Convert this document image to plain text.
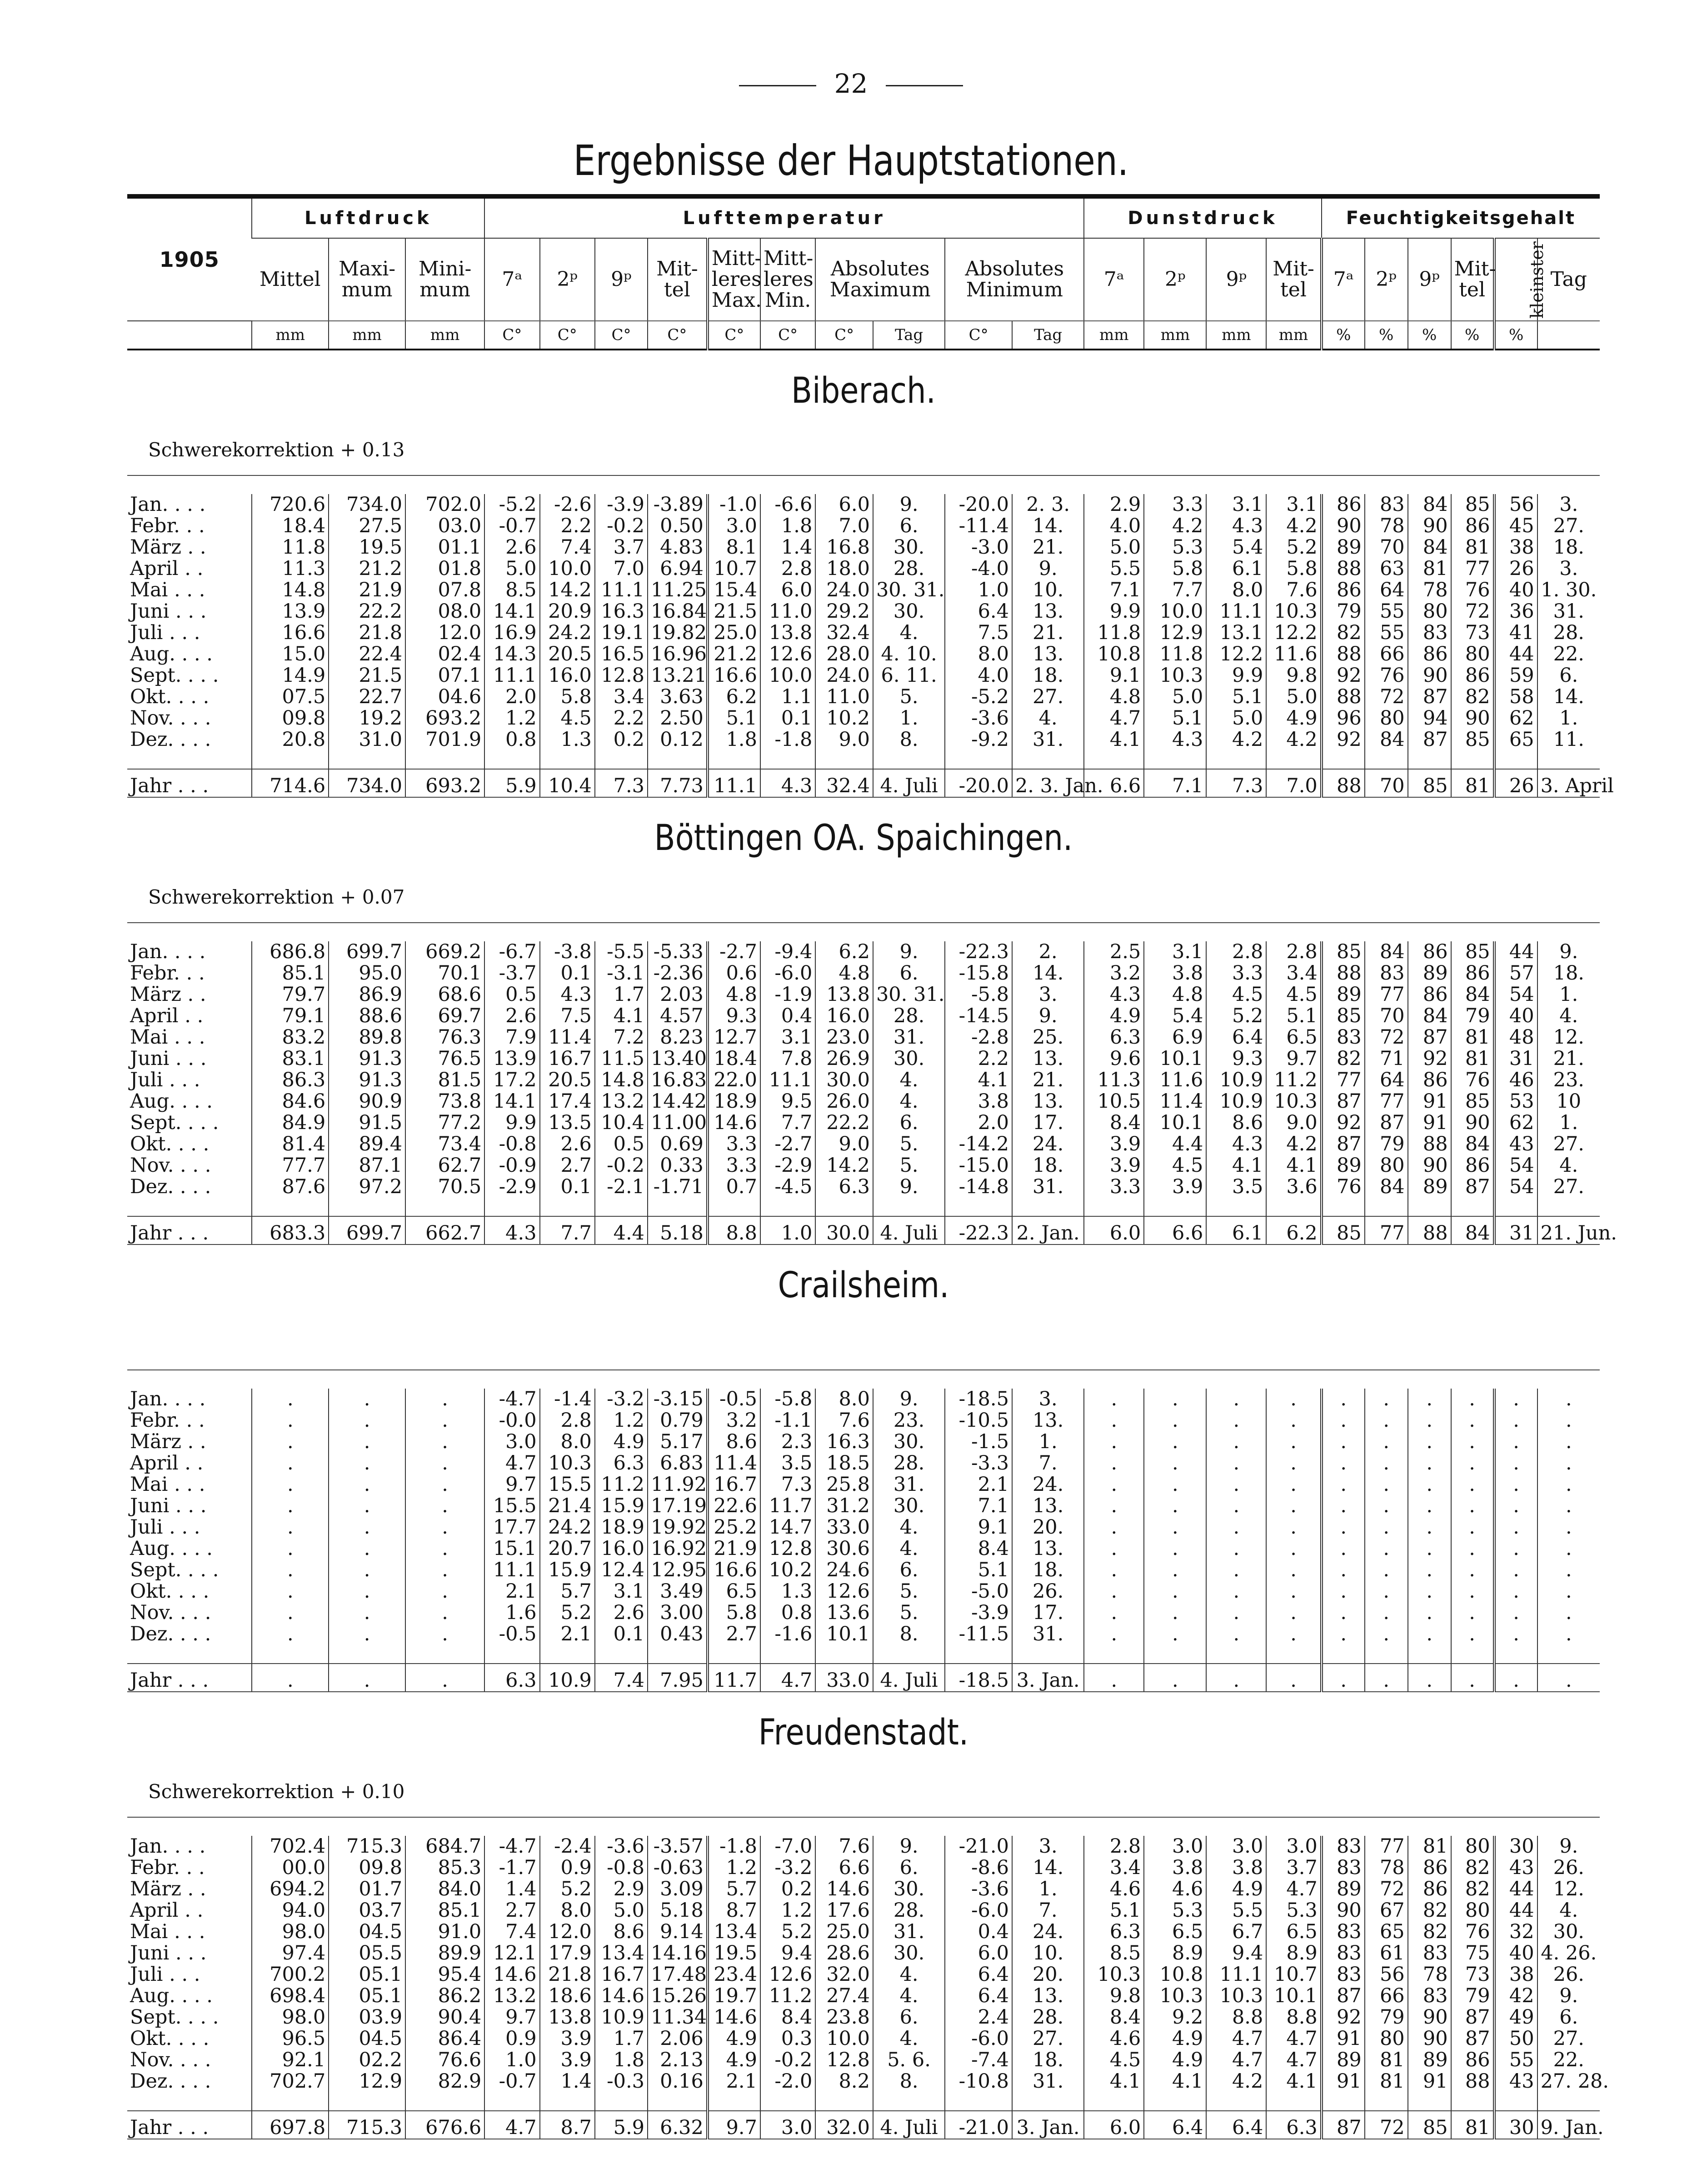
22
Ergebnisse der Hauptstationen.
1905	Luftdruck			Lufttemperatur										Dunstdruck				Feuchtigkeitsgehalt					
	Mittel	Maxi-mum	Mini-mum	7ᵃ	2ᵖ	9ᵖ	Mit-tel	Mitt-leres Max.	Mitt-leres Min.	Absolutes Maximum		Absolutes Minimum		7ᵃ	2ᵖ	9ᵖ	Mit-tel	7ᵃ	2ᵖ	9ᵖ	Mit-tel	kleinster	Tag
	mm	mm	mm	C°	C°	C°	C°	C°	C°	C°	Tag	C°	Tag	mm	mm	mm	mm	%	%	%	%	%	

Biberach.
Schwerekorrektion + 0.13																							

Jan. . . .	720.6	734.0	702.0	-5.2	-2.6	-3.9	-3.89	-1.0	-6.6	6.0	9.	-20.0	2. 3.	2.9	3.3	3.1	3.1	86	83	84	85	56	3.
Febr. . .	18.4	27.5	03.0	-0.7	2.2	-0.2	0.50	3.0	1.8	7.0	6.	-11.4	14.	4.0	4.2	4.3	4.2	90	78	90	86	45	27.
März . .	11.8	19.5	01.1	2.6	7.4	3.7	4.83	8.1	1.4	16.8	30.	-3.0	21.	5.0	5.3	5.4	5.2	89	70	84	81	38	18.
April . .	11.3	21.2	01.8	5.0	10.0	7.0	6.94	10.7	2.8	18.0	28.	-4.0	9.	5.5	5.8	6.1	5.8	88	63	81	77	26	3.
Mai . . .	14.8	21.9	07.8	8.5	14.2	11.1	11.25	15.4	6.0	24.0	30. 31.	1.0	10.	7.1	7.7	8.0	7.6	86	64	78	76	40	1. 30.
Juni . . .	13.9	22.2	08.0	14.1	20.9	16.3	16.84	21.5	11.0	29.2	30.	6.4	13.	9.9	10.0	11.1	10.3	79	55	80	72	36	31.
Juli . . .	16.6	21.8	12.0	16.9	24.2	19.1	19.82	25.0	13.8	32.4	4.	7.5	21.	11.8	12.9	13.1	12.2	82	55	83	73	41	28.
Aug. . . .	15.0	22.4	02.4	14.3	20.5	16.5	16.96	21.2	12.6	28.0	4. 10.	8.0	13.	10.8	11.8	12.2	11.6	88	66	86	80	44	22.
Sept. . . .	14.9	21.5	07.1	11.1	16.0	12.8	13.21	16.6	10.0	24.0	6. 11.	4.0	18.	9.1	10.3	9.9	9.8	92	76	90	86	59	6.
Okt. . . .	07.5	22.7	04.6	2.0	5.8	3.4	3.63	6.2	1.1	11.0	5.	-5.2	27.	4.8	5.0	5.1	5.0	88	72	87	82	58	14.
Nov. . . .	09.8	19.2	693.2	1.2	4.5	2.2	2.50	5.1	0.1	10.2	1.	-3.6	4.	4.7	5.1	5.0	4.9	96	80	94	90	62	1.
Dez. . . .	20.8	31.0	701.9	0.8	1.3	0.2	0.12	1.8	-1.8	9.0	8.	-9.2	31.	4.1	4.3	4.2	4.2	92	84	87	85	65	11.

Jahr . . .	714.6	734.0	693.2	5.9	10.4	7.3	7.73	11.1	4.3	32.4	4. Juli	-20.0	2. 3. Jan.	6.6	7.1	7.3	7.0	88	70	85	81	26	3. April

Böttingen OA. Spaichingen.
Schwerekorrektion + 0.07																							

Jan. . . .	686.8	699.7	669.2	-6.7	-3.8	-5.5	-5.33	-2.7	-9.4	6.2	9.	-22.3	2.	2.5	3.1	2.8	2.8	85	84	86	85	44	9.
Febr. . .	85.1	95.0	70.1	-3.7	0.1	-3.1	-2.36	0.6	-6.0	4.8	6.	-15.8	14.	3.2	3.8	3.3	3.4	88	83	89	86	57	18.
März . .	79.7	86.9	68.6	0.5	4.3	1.7	2.03	4.8	-1.9	13.8	30. 31.	-5.8	3.	4.3	4.8	4.5	4.5	89	77	86	84	54	1.
April . .	79.1	88.6	69.7	2.6	7.5	4.1	4.57	9.3	0.4	16.0	28.	-14.5	9.	4.9	5.4	5.2	5.1	85	70	84	79	40	4.
Mai . . .	83.2	89.8	76.3	7.9	11.4	7.2	8.23	12.7	3.1	23.0	31.	-2.8	25.	6.3	6.9	6.4	6.5	83	72	87	81	48	12.
Juni . . .	83.1	91.3	76.5	13.9	16.7	11.5	13.40	18.4	7.8	26.9	30.	2.2	13.	9.6	10.1	9.3	9.7	82	71	92	81	31	21.
Juli . . .	86.3	91.3	81.5	17.2	20.5	14.8	16.83	22.0	11.1	30.0	4.	4.1	21.	11.3	11.6	10.9	11.2	77	64	86	76	46	23.
Aug. . . .	84.6	90.9	73.8	14.1	17.4	13.2	14.42	18.9	9.5	26.0	4.	3.8	13.	10.5	11.4	10.9	10.3	87	77	91	85	53	10
Sept. . . .	84.9	91.5	77.2	9.9	13.5	10.4	11.00	14.6	7.7	22.2	6.	2.0	17.	8.4	10.1	8.6	9.0	92	87	91	90	62	1.
Okt. . . .	81.4	89.4	73.4	-0.8	2.6	0.5	0.69	3.3	-2.7	9.0	5.	-14.2	24.	3.9	4.4	4.3	4.2	87	79	88	84	43	27.
Nov. . . .	77.7	87.1	62.7	-0.9	2.7	-0.2	0.33	3.3	-2.9	14.2	5.	-15.0	18.	3.9	4.5	4.1	4.1	89	80	90	86	54	4.
Dez. . . .	87.6	97.2	70.5	-2.9	0.1	-2.1	-1.71	0.7	-4.5	6.3	9.	-14.8	31.	3.3	3.9	3.5	3.6	76	84	89	87	54	27.

Jahr . . .	683.3	699.7	662.7	4.3	7.7	4.4	5.18	8.8	1.0	30.0	4. Juli	-22.3	2. Jan.	6.0	6.6	6.1	6.2	85	77	88	84	31	21. Jun.

Crailsheim.																							

Jan. . . .	.	.	.	-4.7	-1.4	-3.2	-3.15	-0.5	-5.8	8.0	9.	-18.5	3.	.	.	.	.	.	.	.	.	.	.
Febr. . .	.	.	.	-0.0	2.8	1.2	0.79	3.2	-1.1	7.6	23.	-10.5	13.	.	.	.	.	.	.	.	.	.	.
März . .	.	.	.	3.0	8.0	4.9	5.17	8.6	2.3	16.3	30.	-1.5	1.	.	.	.	.	.	.	.	.	.	.
April . .	.	.	.	4.7	10.3	6.3	6.83	11.4	3.5	18.5	28.	-3.3	7.	.	.	.	.	.	.	.	.	.	.
Mai . . .	.	.	.	9.7	15.5	11.2	11.92	16.7	7.3	25.8	31.	2.1	24.	.	.	.	.	.	.	.	.	.	.
Juni . . .	.	.	.	15.5	21.4	15.9	17.19	22.6	11.7	31.2	30.	7.1	13.	.	.	.	.	.	.	.	.	.	.
Juli . . .	.	.	.	17.7	24.2	18.9	19.92	25.2	14.7	33.0	4.	9.1	20.	.	.	.	.	.	.	.	.	.	.
Aug. . . .	.	.	.	15.1	20.7	16.0	16.92	21.9	12.8	30.6	4.	8.4	13.	.	.	.	.	.	.	.	.	.	.
Sept. . . .	.	.	.	11.1	15.9	12.4	12.95	16.6	10.2	24.6	6.	5.1	18.	.	.	.	.	.	.	.	.	.	.
Okt. . . .	.	.	.	2.1	5.7	3.1	3.49	6.5	1.3	12.6	5.	-5.0	26.	.	.	.	.	.	.	.	.	.	.
Nov. . . .	.	.	.	1.6	5.2	2.6	3.00	5.8	0.8	13.6	5.	-3.9	17.	.	.	.	.	.	.	.	.	.	.
Dez. . . .	.	.	.	-0.5	2.1	0.1	0.43	2.7	-1.6	10.1	8.	-11.5	31.	.	.	.	.	.	.	.	.	.	.

Jahr . . .	.	.	.	6.3	10.9	7.4	7.95	11.7	4.7	33.0	4. Juli	-18.5	3. Jan.	.	.	.	.	.	.	.	.	.	.

Freudenstadt.
Schwerekorrektion + 0.10																							

Jan. . . .	702.4	715.3	684.7	-4.7	-2.4	-3.6	-3.57	-1.8	-7.0	7.6	9.	-21.0	3.	2.8	3.0	3.0	3.0	83	77	81	80	30	9.
Febr. . .	00.0	09.8	85.3	-1.7	0.9	-0.8	-0.63	1.2	-3.2	6.6	6.	-8.6	14.	3.4	3.8	3.8	3.7	83	78	86	82	43	26.
März . .	694.2	01.7	84.0	1.4	5.2	2.9	3.09	5.7	0.2	14.6	30.	-3.6	1.	4.6	4.6	4.9	4.7	89	72	86	82	44	12.
April . .	94.0	03.7	85.1	2.7	8.0	5.0	5.18	8.7	1.2	17.6	28.	-6.0	7.	5.1	5.3	5.5	5.3	90	67	82	80	44	4.
Mai . . .	98.0	04.5	91.0	7.4	12.0	8.6	9.14	13.4	5.2	25.0	31.	0.4	24.	6.3	6.5	6.7	6.5	83	65	82	76	32	30.
Juni . . .	97.4	05.5	89.9	12.1	17.9	13.4	14.16	19.5	9.4	28.6	30.	6.0	10.	8.5	8.9	9.4	8.9	83	61	83	75	40	4. 26.
Juli . . .	700.2	05.1	95.4	14.6	21.8	16.7	17.48	23.4	12.6	32.0	4.	6.4	20.	10.3	10.8	11.1	10.7	83	56	78	73	38	26.
Aug. . . .	698.4	05.1	86.2	13.2	18.6	14.6	15.26	19.7	11.2	27.4	4.	6.4	13.	9.8	10.3	10.3	10.1	87	66	83	79	42	9.
Sept. . . .	98.0	03.9	90.4	9.7	13.8	10.9	11.34	14.6	8.4	23.8	6.	2.4	28.	8.4	9.2	8.8	8.8	92	79	90	87	49	6.
Okt. . . .	96.5	04.5	86.4	0.9	3.9	1.7	2.06	4.9	0.3	10.0	4.	-6.0	27.	4.6	4.9	4.7	4.7	91	80	90	87	50	27.
Nov. . . .	92.1	02.2	76.6	1.0	3.9	1.8	2.13	4.9	-0.2	12.8	5. 6.	-7.4	18.	4.5	4.9	4.7	4.7	89	81	89	86	55	22.
Dez. . . .	702.7	12.9	82.9	-0.7	1.4	-0.3	0.16	2.1	-2.0	8.2	8.	-10.8	31.	4.1	4.1	4.2	4.1	91	81	91	88	43	27. 28.

Jahr . . .	697.8	715.3	676.6	4.7	8.7	5.9	6.32	9.7	3.0	32.0	4. Juli	-21.0	3. Jan.	6.0	6.4	6.4	6.3	87	72	85	81	30	9. Jan.
